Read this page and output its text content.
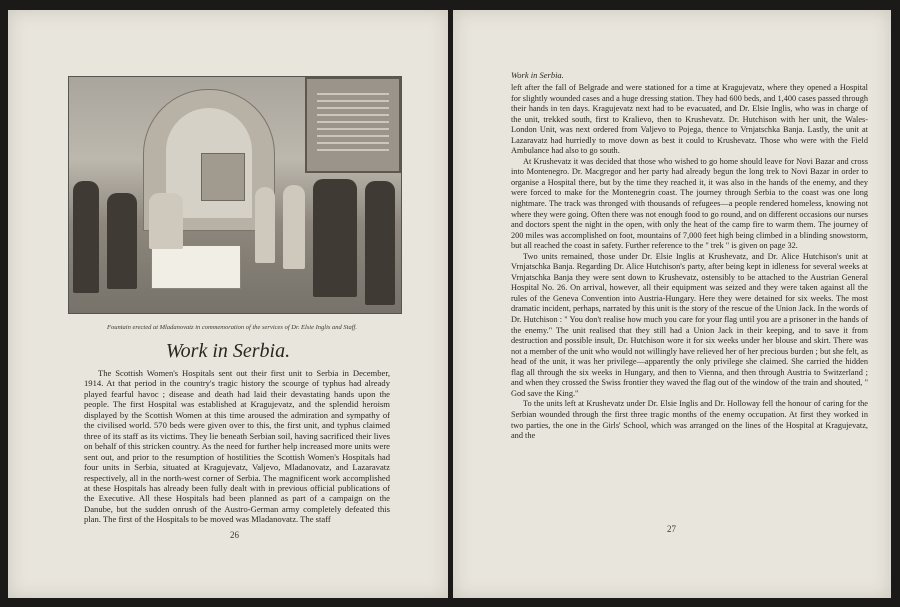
Fountain erected at Mladanovatz in commemoration of the services of Dr. Elsie Inglis and Staff.
Work in Serbia.

The Scottish Women's Hospitals sent out their first unit to Serbia in December, 1914. At that period in the country's tragic history the scourge of typhus had already played fearful havoc ; disease and death had laid their devastating hands upon the people. The first Hospital was established at Kragujevatz, and the splendid heroism displayed by the Scottish Women at this time aroused the admiration and sympathy of the civilised world. 570 beds were given over to this, the first unit, and typhus claimed three of its staff as its victims. They lie beneath Serbian soil, having sacrificed their lives on behalf of this stricken country. As the need for further help increased more units were sent out, and prior to the resumption of hostilities the Scottish Women's Hospitals had four units in Serbia, situated at Kragujevatz, Valjevo, Mladanovatz, and Lazaravatz respectively, all in the north-west corner of Serbia. The magnificent work accomplished at these Hospitals has already been fully dealt with in previous official publications of the Executive. All these Hospitals had been planned as part of a campaign on the Danube, but the sudden onrush of the Austro-German army completely defeated this plan. The first of the Hospitals to be moved was Mladanovatz. The staff

26
Work in Serbia.

left after the fall of Belgrade and were stationed for a time at Kragujevatz, where they opened a Hospital for slightly wounded cases and a huge dressing station. They had 600 beds, and 1,400 cases passed through their hands in ten days. Kragujevatz next had to be evacuated, and Dr. Elsie Inglis, who was in charge of the unit, trekked south, first to Kralievo, then to Krushevatz. Dr. Hutchison with her unit, the Wales-London Unit, was next ordered from Valjevo to Pojega, thence to Vrnjatschka Banja. Lastly, the unit at Lazaravatz had hurriedly to move down as best it could to Krushevatz. Those who were with the Field Ambulance had also to go south.

At Krushevatz it was decided that those who wished to go home should leave for Novi Bazar and cross into Montenegro. Dr. Macgregor and her party had already begun the long trek to Novi Bazar in order to organise a Hospital there, but by the time they reached it, it was also in the hands of the enemy, and they were forced to make for the Montenegrin coast. The journey through Serbia to the coast was one long nightmare. The track was thronged with thousands of refugees—a people rendered homeless, knowing not where they were going. Often there was not enough food to go round, and on different occasions our nurses and doctors spent the night in the open, with only the heat of the camp fire to warm them. The journey of 200 miles was accomplished on foot, mountains of 7,000 feet high being climbed in a blinding snowstorm, but all reached the coast in safety. Further reference to the " trek " is given on page 32.

Two units remained, those under Dr. Elsie Inglis at Krushevatz, and Dr. Alice Hutchison's unit at Vrnjatschka Banja. Regarding Dr. Alice Hutchison's party, after being kept in idleness for several weeks at Vrnjatschka Banja they were sent down to Krushevatz, ostensibly to be attached to the Austrian General Hospital No. 26. On arrival, however, all their equipment was seized and they were taken against all the rules of the Geneva Convention into Austria-Hungary. Here they were detained for six weeks. The most dramatic incident, perhaps, narrated by this unit is the story of the rescue of the Union Jack. In the words of Dr. Hutchison : " You don't realise how much you care for your flag until you are a prisoner in the hands of the enemy." The unit realised that they still had a Union Jack in their keeping, and to save it from destruction and possible insult, Dr. Hutchison wore it for six weeks under her blouse and skirt. There was not a member of the unit who would not willingly have relieved her of her precious burden ; but she felt, as head of the unit, it was her privilege—apparently the only privilege she claimed. She carried the hidden flag all through the six weeks in Hungary, and then to Vienna, and then through Austria to Switzerland ; and when they crossed the Swiss frontier they waved the flag out of the window of the train and shouted, " God save the King."

To the units left at Krushevatz under Dr. Elsie Inglis and Dr. Holloway fell the honour of caring for the Serbian wounded through the first three tragic months of the enemy occupation. At first they worked in two parties, the one in the Girls' School, which was arranged on the lines of the Hospital at Kragujevatz, and the

27
